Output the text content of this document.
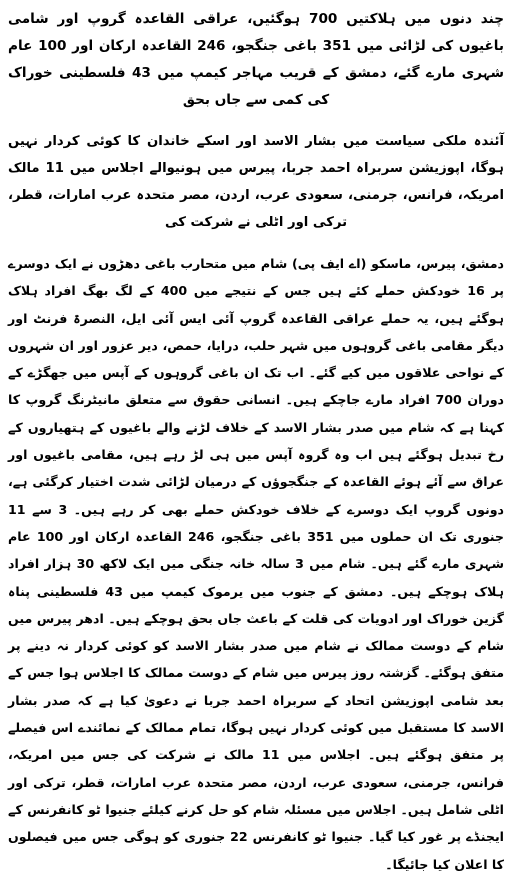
چند دنوں میں ہلاکتیں 700 ہوگئیں، عراقی القاعدہ گروپ اور شامی باغیوں کی لڑائی میں 351 باغی جنگجو، 246 القاعدہ ارکان اور 100 عام شہری مارے گئے، دمشق کے قریب مہاجر کیمپ میں 43 فلسطینی خوراک کی کمی سے جاں بحق

آئندہ ملکی سیاست میں بشار الاسد اور اسکے خاندان کا کوئی کردار نہیں ہوگا، اپوزیشن سربراہ احمد جربا، پیرس میں ہونیوالے اجلاس میں 11 مالک امریکہ، فرانس، جرمنی، سعودی عرب، اردن، مصر متحدہ عرب امارات، قطر، ترکی اور اٹلی نے شرکت کی

دمشق، پیرس، ماسکو (اے ایف پی) شام میں متحارب باغی دھڑوں نے ایک دوسرے پر 16 خودکش حملے کئے ہیں جس کے نتیجے میں 400 کے لگ بھگ افراد ہلاک ہوگئے ہیں، یہ حملے عراقی القاعدہ گروپ آئی ایس آئی ایل، النصرۃ فرنٹ اور دیگر مقامی باغی گروہوں میں شہر حلب، درایا، حمص، دیر عزور اور ان شہروں کے نواحی علاقوں میں کیے گئے۔ اب تک ان باغی گروہوں کے آپس میں جھگڑے کے دوران 700 افراد مارے جاچکے ہیں۔ انسانی حقوق سے متعلق مانیٹرنگ گروپ کا کہنا ہے کہ شام میں صدر بشار الاسد کے خلاف لڑنے والے باغیوں کے ہتھیاروں کے رخ تبدیل ہوگئے ہیں اب وہ گروہ آپس میں ہی لڑ رہے ہیں، مقامی باغیوں اور عراق سے آئے ہوئے القاعدہ کے جنگجوؤں کے درمیان لڑائی شدت اختیار کرگئی ہے، دونوں گروپ ایک دوسرے کے خلاف خودکش حملے بھی کر رہے ہیں۔ 3 سے 11 جنوری تک ان حملوں میں 351 باغی جنگجو، 246 القاعدہ ارکان اور 100 عام شہری مارے گئے ہیں۔ شام میں 3 سالہ خانہ جنگی میں ایک لاکھ 30 ہزار افراد ہلاک ہوچکے ہیں۔ دمشق کے جنوب میں یرموک کیمپ میں 43 فلسطینی پناہ گزین خوراک اور ادویات کی قلت کے باعث جاں بحق ہوچکے ہیں۔ ادھر پیرس میں شام کے دوست ممالک نے شام میں صدر بشار الاسد کو کوئی کردار نہ دینے پر متفق ہوگئے۔ گزشتہ روز پیرس میں شام کے دوست ممالک کا اجلاس ہوا جس کے بعد شامی اپوزیشن اتحاد کے سربراہ احمد جربا نے دعویٰ کیا ہے کہ صدر بشار الاسد کا مستقبل میں کوئی کردار نہیں ہوگا، تمام ممالک کے نمائندے اس فیصلے پر متفق ہوگئے ہیں۔ اجلاس میں 11 مالک نے شرکت کی جس میں امریکہ، فرانس، جرمنی، سعودی عرب، اردن، مصر متحدہ عرب امارات، قطر، ترکی اور اٹلی شامل ہیں۔ اجلاس میں مسئلہ شام کو حل کرنے کیلئے جنیوا ٹو کانفرنس کے ایجنڈے پر غور کیا گیا۔ جنیوا ٹو کانفرنس 22 جنوری کو ہوگی جس میں فیصلوں کا اعلان کیا جائیگا۔
